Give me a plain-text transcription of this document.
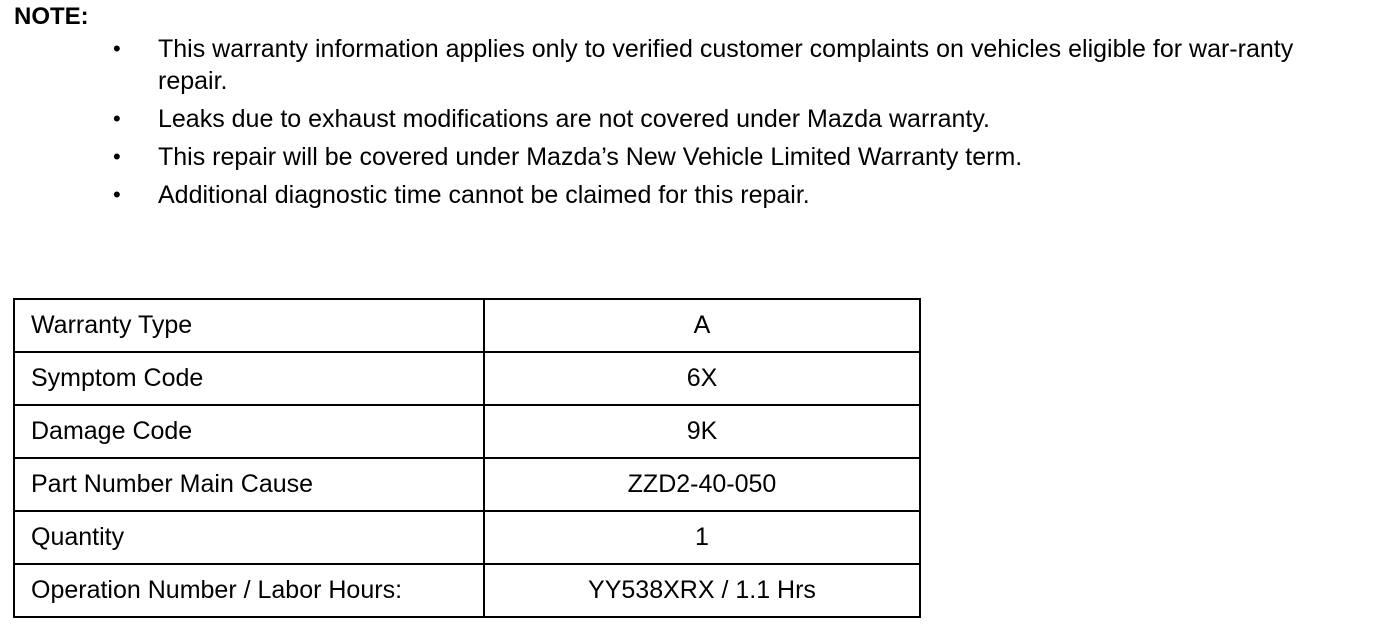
NOTE:
• This warranty information applies only to verified customer complaints on vehicles eligible for war-ranty repair.
• Leaks due to exhaust modifications are not covered under Mazda warranty.
• This repair will be covered under Mazda’s New Vehicle Limited Warranty term.
• Additional diagnostic time cannot be claimed for this repair.
Warranty Type	A
Symptom Code	6X
Damage Code	9K
Part Number Main Cause	ZZD2-40-050
Quantity	1
Operation Number / Labor Hours:	YY538XRX / 1.1 Hrs
